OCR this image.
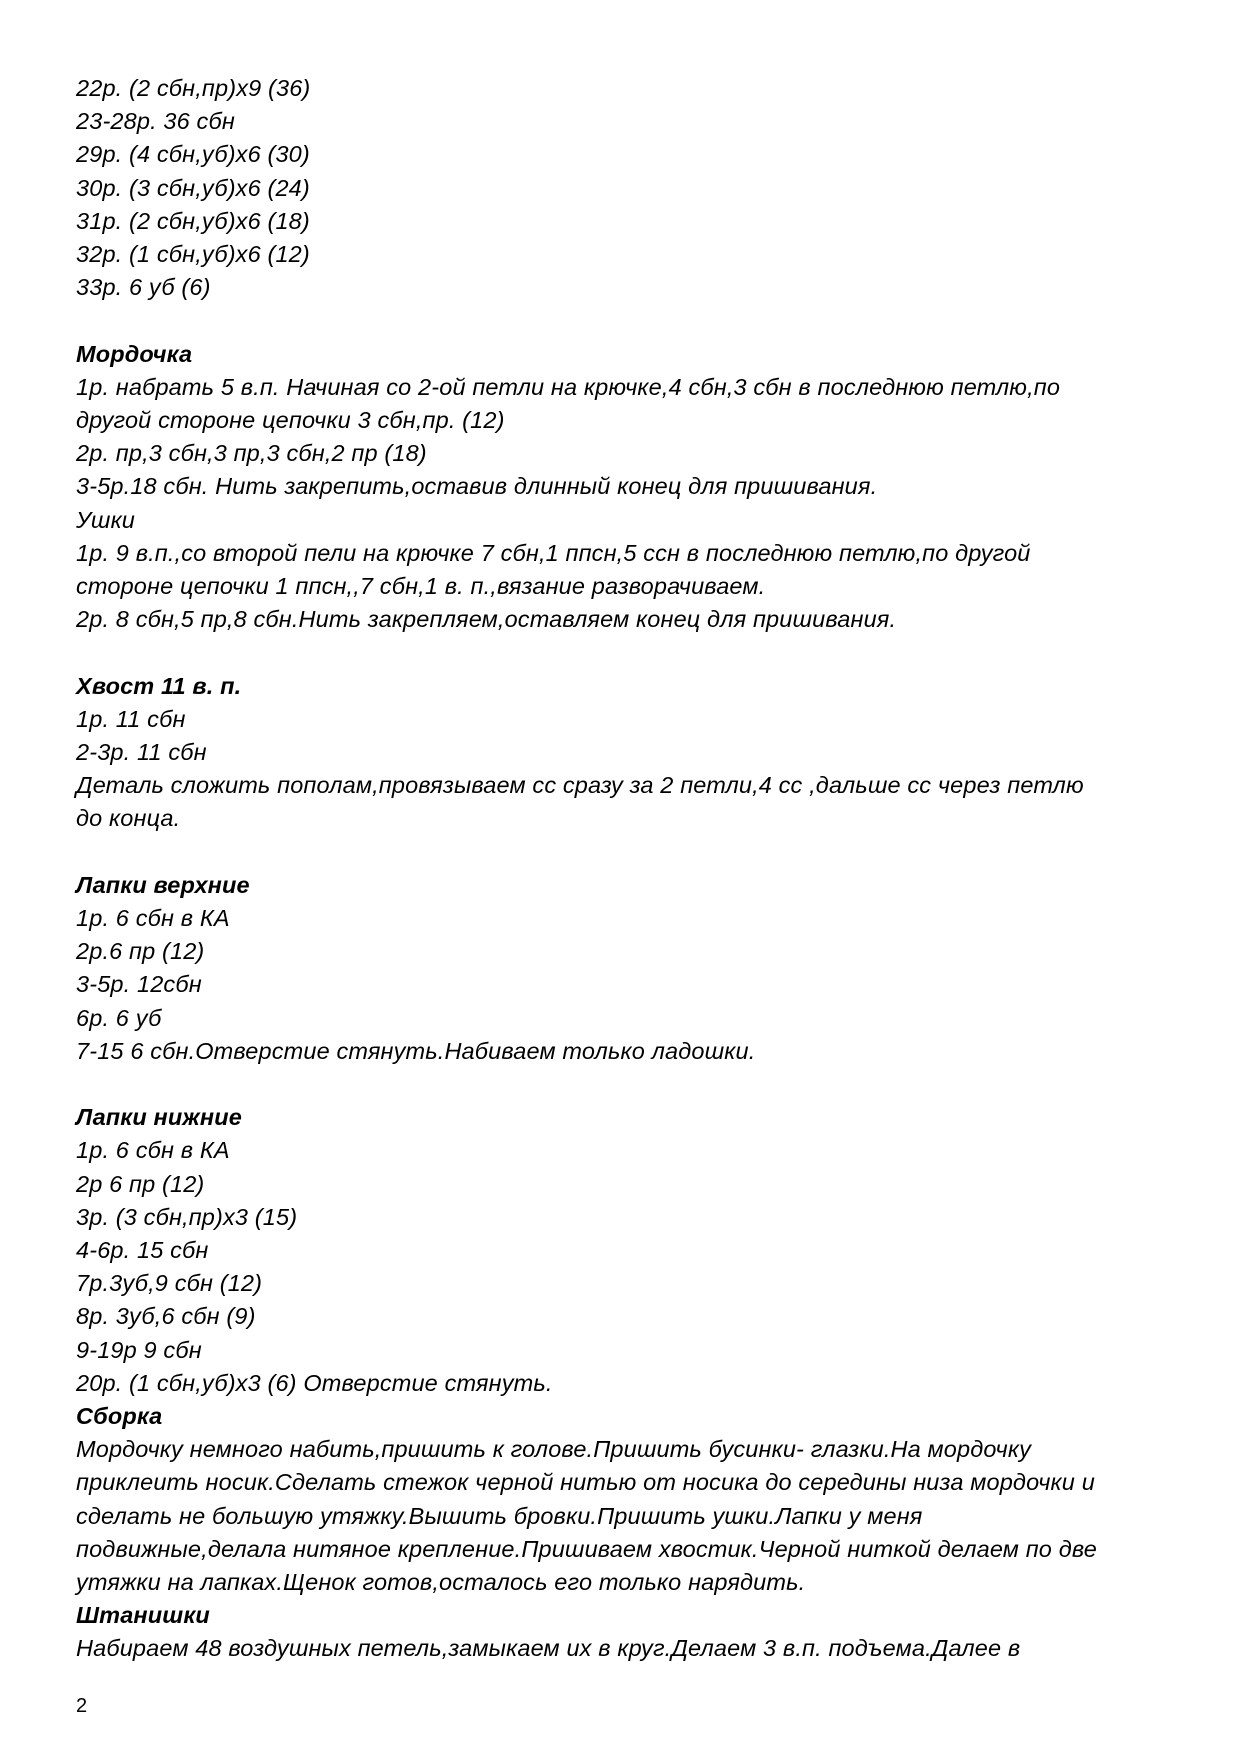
22р. (2 сбн,пр)х9 (36)
23-28р. 36 сбн
29р. (4 сбн,уб)х6 (30)
30р. (3 сбн,уб)х6 (24)
31р. (2 сбн,уб)х6 (18)
32р. (1 сбн,уб)х6 (12)
33р. 6 уб (6)
Мордочка
1р. набрать 5 в.п. Начиная со 2-ой петли на крючке,4 сбн,3 сбн в последнюю петлю,по
другой стороне цепочки 3 сбн,пр. (12)
2р. пр,3 сбн,3 пр,3 сбн,2 пр (18)
3-5р.18 сбн. Нить закрепить,оставив длинный конец для пришивания.
Ушки
1р. 9 в.п.,со второй пели на крючке 7 сбн,1 ппсн,5 ссн в последнюю петлю,по другой
стороне цепочки 1 ппсн,,7 сбн,1 в. п.,вязание разворачиваем.
2р. 8 сбн,5 пр,8 сбн.Нить закрепляем,оставляем конец для пришивания.
Хвост 11 в. п.
1р. 11 сбн
2-3р. 11 сбн
Деталь сложить пополам,провязываем сс сразу за 2 петли,4 сс ,дальше сс через петлю
до конца.
Лапки верхние
1р. 6 сбн в КА
2р.6 пр (12)
3-5р. 12сбн
6р. 6 уб
7-15 6 сбн.Отверстие стянуть.Набиваем только ладошки.
Лапки нижние
1р. 6 сбн в КА
2р 6 пр (12)
3р. (3 сбн,пр)х3 (15)
4-6р. 15 сбн
7р.3уб,9 сбн (12)
8р. 3уб,6 сбн (9)
9-19р 9 сбн
20р. (1 сбн,уб)х3 (6) Отверстие стянуть.
Сборка
Мордочку немного набить,пришить к голове.Пришить бусинки- глазки.На мордочку
приклеить носик.Сделать стежок черной нитью от носика до середины низа мордочки и
сделать не большую утяжку.Вышить бровки.Пришить ушки.Лапки у меня
подвижные,делала нитяное крепление.Пришиваем хвостик.Черной ниткой делаем по две
утяжки на лапках.Щенок готов,осталось его только нарядить.
Штанишки
Набираем 48 воздушных петель,замыкаем их в круг.Делаем 3 в.п. подъема.Далее в
2
